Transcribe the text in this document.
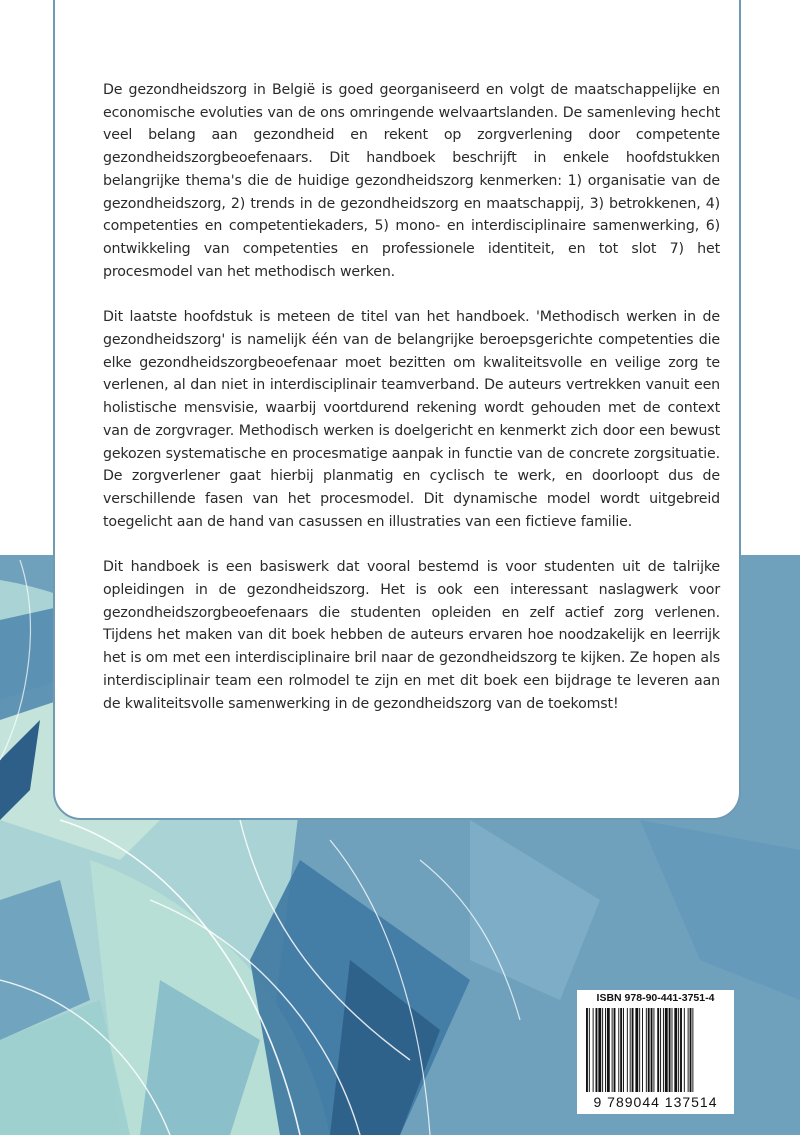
De gezondheidszorg in België is goed georganiseerd en volgt de maatschappelijke en economische evoluties van de ons omringende welvaartslanden. De samenleving hecht veel belang aan gezondheid en rekent op zorgverlening door competente gezondheidszorgbeoefenaars. Dit handboek beschrijft in enkele hoofdstukken belangrijke thema's die de huidige gezondheidszorg kenmerken: 1) organisatie van de gezondheidszorg, 2) trends in de gezondheidszorg en maatschappij, 3) betrokkenen, 4) competenties en competentiekaders, 5) mono- en interdisciplinaire samenwerking, 6) ontwikkeling van competenties en professionele identiteit, en tot slot 7) het procesmodel van het methodisch werken.

Dit laatste hoofdstuk is meteen de titel van het handboek. 'Methodisch werken in de gezondheidszorg' is namelijk één van de belangrijke beroepsgerichte competenties die elke gezondheidszorgbeoefenaar moet bezitten om kwaliteitsvolle en veilige zorg te verlenen, al dan niet in interdisciplinair teamverband. De auteurs vertrekken vanuit een holistische mensvisie, waarbij voortdurend rekening wordt gehouden met de context van de zorgvrager. Methodisch werken is doelgericht en kenmerkt zich door een bewust gekozen systematische en procesmatige aanpak in functie van de concrete zorgsituatie. De zorgverlener gaat hierbij planmatig en cyclisch te werk, en doorloopt dus de verschillende fasen van het procesmodel. Dit dynamische model wordt uitgebreid toegelicht aan de hand van casussen en illustraties van een fictieve familie.

Dit handboek is een basiswerk dat vooral bestemd is voor studenten uit de talrijke opleidingen in de gezondheidszorg. Het is ook een interessant naslagwerk voor gezondheidszorgbeoefenaars die studenten opleiden en zelf actief zorg verlenen. Tijdens het maken van dit boek hebben de auteurs ervaren hoe noodzakelijk en leerrijk het is om met een interdisciplinaire bril naar de gezondheidszorg te kijken. Ze hopen als interdisciplinair team een rolmodel te zijn en met dit boek een bijdrage te leveren aan de kwaliteitsvolle samenwerking in de gezondheidszorg van de toekomst!

ISBN 978-90-441-3751-4
9 789044 137514
